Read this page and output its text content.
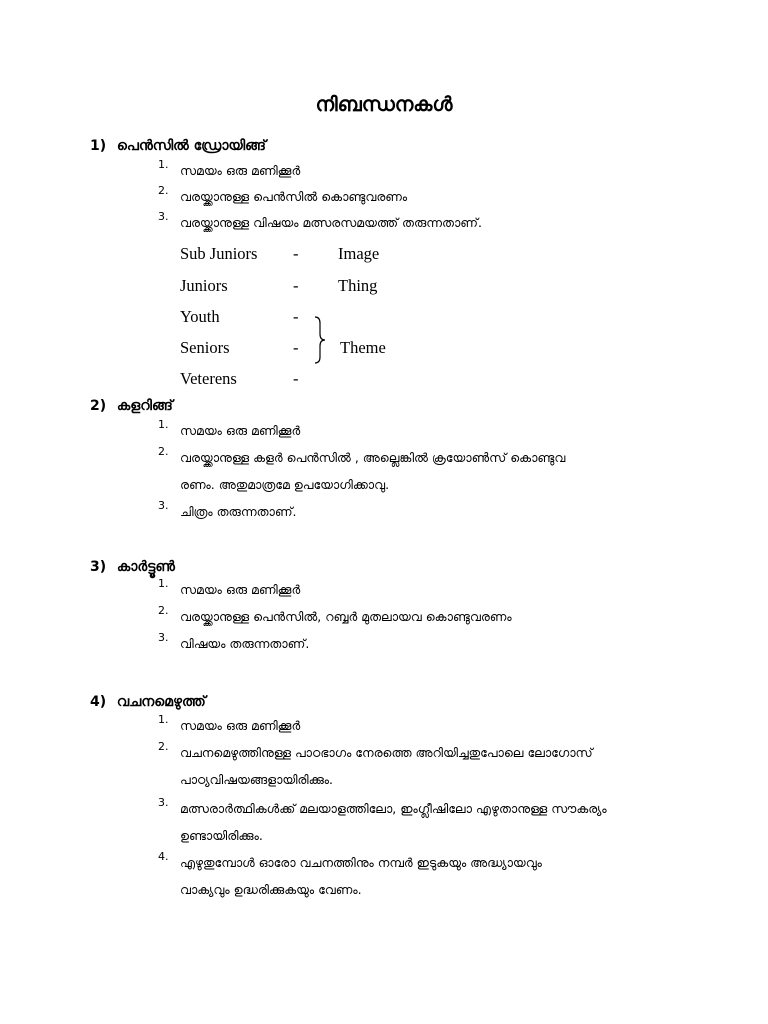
നിബന്ധനകൾ
1) പെൻസിൽ ഡ്രോയിങ്ങ്
1. സമയം ഒരു മണിക്കൂർ
2. വരയ്ക്കാനുള്ള പെൻസിൽ കൊണ്ടുവരണം
3. വരയ്ക്കാനുള്ള വിഷയം മത്സരസമയത്ത് തരുന്നതാണ്.
Sub Juniors - Image
Juniors	- Thing
Youth	-
Seniors	-
Veterens	-
Theme
2) കളറിങ്ങ്
1. സമയം ഒരു മണിക്കൂർ
2. വരയ്ക്കാനുള്ള കളർ പെൻസിൽ , അല്ലെങ്കിൽ ക്രയോൺസ് കൊണ്ടുവ
രണം. അതുമാത്രമേ ഉപയോഗിക്കാവു.
3. ചിത്രം തരുന്നതാണ്.
3) കാർട്ടൂൺ
1. സമയം ഒരു മണിക്കൂർ
2. വരയ്ക്കാനുള്ള പെൻസിൽ, റബ്ബർ മുതലായവ കൊണ്ടുവരണം
3. വിഷയം തരുന്നതാണ്.
4) വചനമെഴുത്ത്
1. സമയം ഒരു മണിക്കൂർ
2. വചനമെഴുത്തിനുള്ള പാഠഭാഗം നേരത്തെ അറിയിച്ചതുപോലെ ലോഗോസ്
പാഠ്യവിഷയങ്ങളായിരിക്കും.
3. മത്സരാർത്ഥികൾക്ക് മലയാളത്തിലോ, ഇംഗ്ലീഷിലോ എഴുതാനുള്ള സൗകര്യം
ഉണ്ടായിരിക്കും.
4. എഴുതുമ്പോൾ ഓരോ വചനത്തിനും നമ്പർ ഇടുകയും അദ്ധ്യായവും
വാക്യവും ഉദ്ധരിക്കുകയും വേണം.
